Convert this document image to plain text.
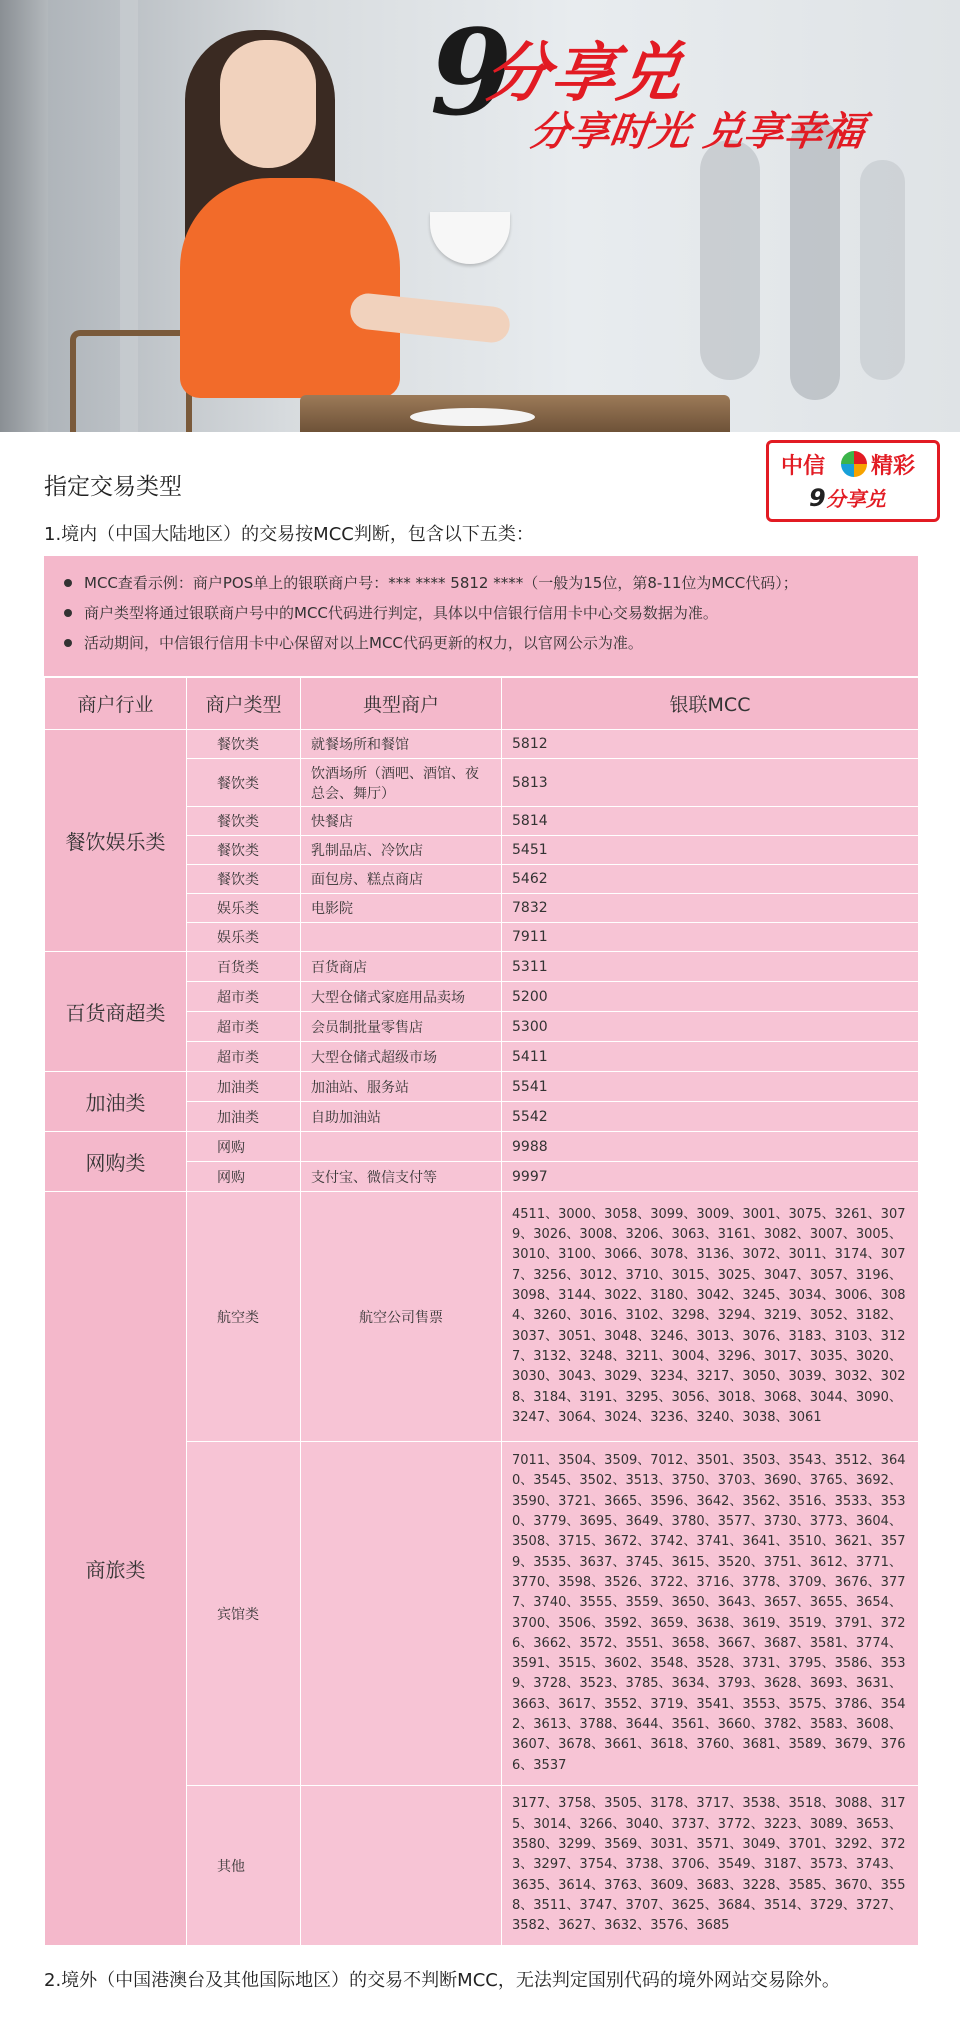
9
分享兑
分享时光 兑享幸福
指定交易类型
中信 精彩
9分享兑
1.境内（中国大陆地区）的交易按MCC判断，包含以下五类：
MCC查看示例：商户POS单上的银联商户号：*** **** 5812 ****（一般为15位，第8-11位为MCC代码）；
商户类型将通过银联商户号中的MCC代码进行判定，具体以中信银行信用卡中心交易数据为准。
活动期间，中信银行信用卡中心保留对以上MCC代码更新的权力，以官网公示为准。
商户行业	商户类型	典型商户	银联MCC
餐饮娱乐类	餐饮类	就餐场所和餐馆	5812
	餐饮类	饮酒场所（酒吧、酒馆、夜总会、舞厅）	5813
	餐饮类	快餐店	5814
	餐饮类	乳制品店、冷饮店	5451
	餐饮类	面包房、糕点商店	5462
	娱乐类	电影院	7832
	娱乐类		7911
百货商超类	百货类	百货商店	5311
	超市类	大型仓储式家庭用品卖场	5200
	超市类	会员制批量零售店	5300
	超市类	大型仓储式超级市场	5411
加油类	加油类	加油站、服务站	5541
	加油类	自助加油站	5542
网购类	网购		9988
	网购	支付宝、微信支付等	9997
商旅类	航空类	航空公司售票	4511、3000、3058、3099、3009、3001、3075、3261、3079、3026、3008、3206、3063、3161、3082、3007、3005、3010、3100、3066、3078、3136、3072、3011、3174、3077、3256、3012、3710、3015、3025、3047、3057、3196、3098、3144、3022、3180、3042、3245、3034、3006、3084、3260、3016、3102、3298、3294、3219、3052、3182、3037、3051、3048、3246、3013、3076、3183、3103、3127、3132、3248、3211、3004、3296、3017、3035、3020、3030、3043、3029、3234、3217、3050、3039、3032、3028、3184、3191、3295、3056、3018、3068、3044、3090、3247、3064、3024、3236、3240、3038、3061
	宾馆类		7011、3504、3509、7012、3501、3503、3543、3512、3640、3545、3502、3513、3750、3703、3690、3765、3692、3590、3721、3665、3596、3642、3562、3516、3533、3530、3779、3695、3649、3780、3577、3730、3773、3604、3508、3715、3672、3742、3741、3641、3510、3621、3579、3535、3637、3745、3615、3520、3751、3612、3771、3770、3598、3526、3722、3716、3778、3709、3676、3777、3740、3555、3559、3650、3643、3657、3655、3654、3700、3506、3592、3659、3638、3619、3519、3791、3726、3662、3572、3551、3658、3667、3687、3581、3774、3591、3515、3602、3548、3528、3731、3795、3586、3539、3728、3523、3785、3634、3793、3628、3693、3631、3663、3617、3552、3719、3541、3553、3575、3786、3542、3613、3788、3644、3561、3660、3782、3583、3608、3607、3678、3661、3618、3760、3681、3589、3679、3766、3537
	其他		3177、3758、3505、3178、3717、3538、3518、3088、3175、3014、3266、3040、3737、3772、3223、3089、3653、3580、3299、3569、3031、3571、3049、3701、3292、3723、3297、3754、3738、3706、3549、3187、3573、3743、3635、3614、3763、3609、3683、3228、3585、3670、3558、3511、3747、3707、3625、3684、3514、3729、3727、3582、3627、3632、3576、3685
2.境外（中国港澳台及其他国际地区）的交易不判断MCC，无法判定国别代码的境外网站交易除外。
